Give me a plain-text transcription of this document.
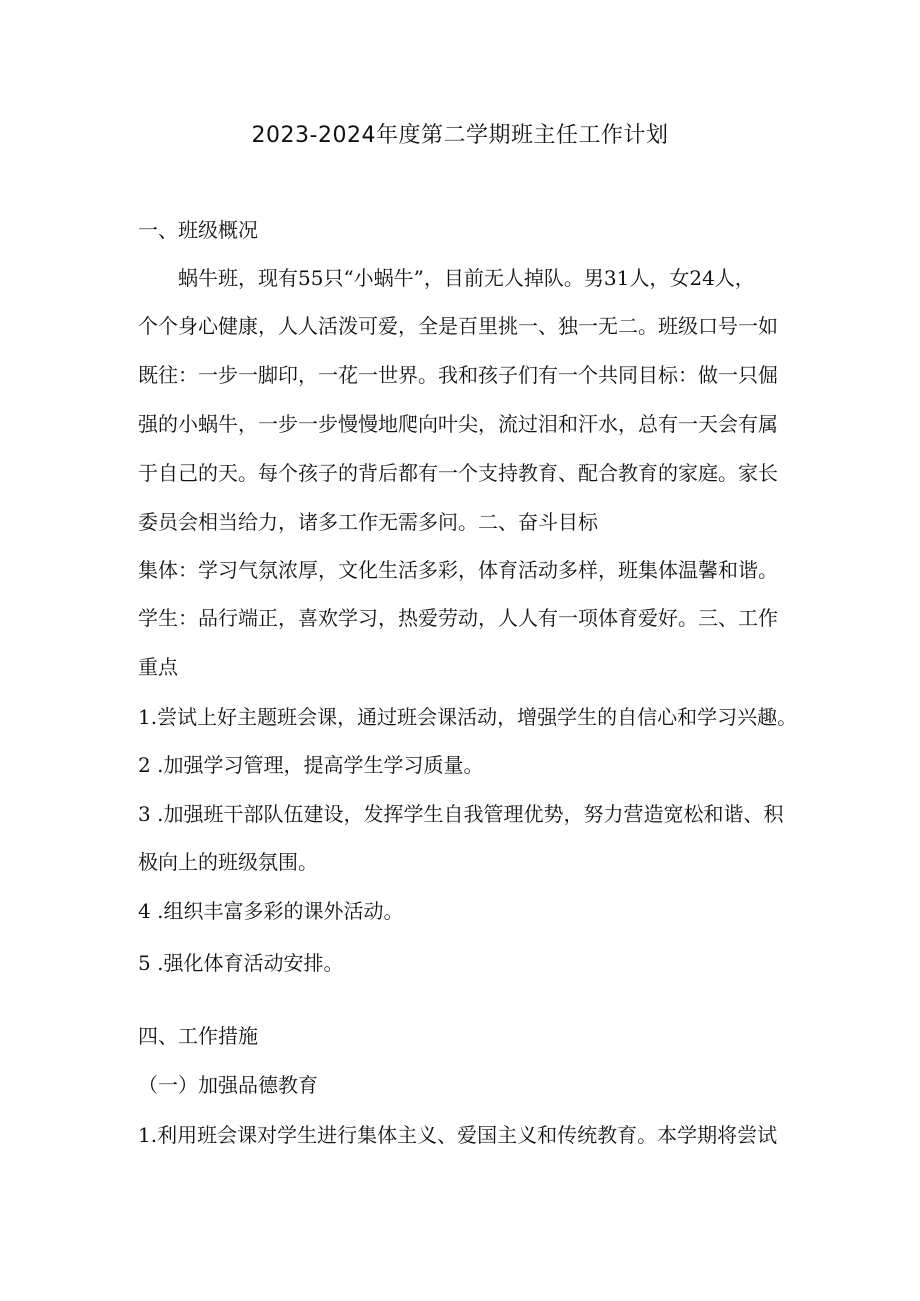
2023-2024年度第二学期班主任工作计划
一、班级概况
蜗牛班，现有55只“小蜗牛”，目前无人掉队。男31人，女24人，
个个身心健康，人人活泼可爱，全是百里挑一、独一无二。班级口号一如
既往：一步一脚印，一花一世界。我和孩子们有一个共同目标：做一只倔
强的小蜗牛，一步一步慢慢地爬向叶尖，流过泪和汗水，总有一天会有属
于自己的天。每个孩子的背后都有一个支持教育、配合教育的家庭。家长
委员会相当给力，诸多工作无需多问。二、奋斗目标
集体：学习气氛浓厚，文化生活多彩，体育活动多样，班集体温馨和谐。
学生：品行端正，喜欢学习，热爱劳动，人人有一项体育爱好。三、工作
重点
1.尝试上好主题班会课，通过班会课活动，增强学生的自信心和学习兴趣。
2 .加强学习管理，提高学生学习质量。
3 .加强班干部队伍建设，发挥学生自我管理优势，努力营造宽松和谐、积
极向上的班级氛围。
4 .组织丰富多彩的课外活动。
5 .强化体育活动安排。
四、工作措施
（一）加强品德教育
1.利用班会课对学生进行集体主义、爱国主义和传统教育。本学期将尝试
